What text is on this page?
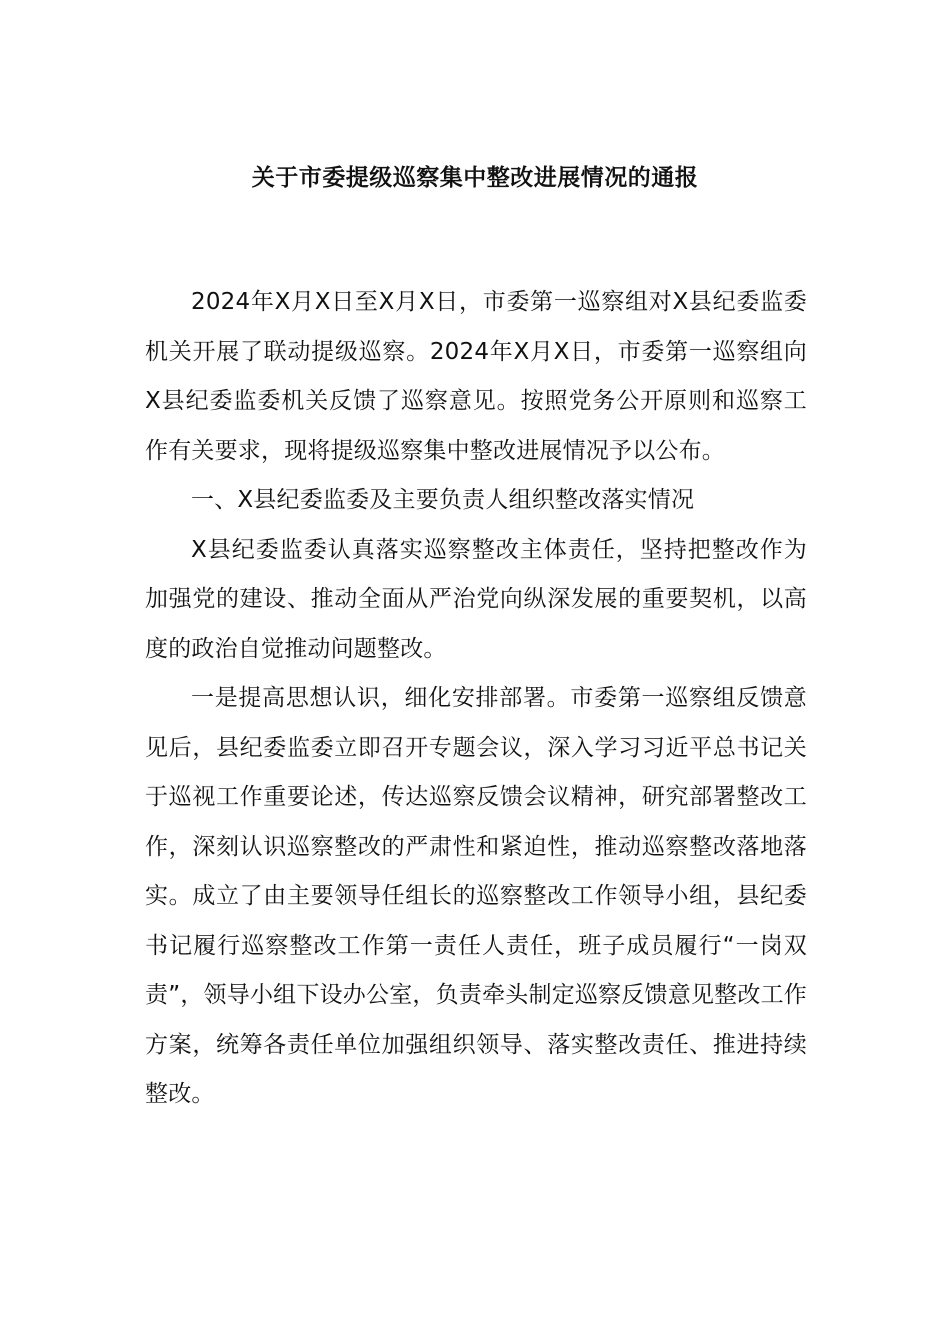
关于市委提级巡察集中整改进展情况的通报

2024年X月X日至X月X日，市委第一巡察组对X县纪委监委机关开展了联动提级巡察。2024年X月X日，市委第一巡察组向X县纪委监委机关反馈了巡察意见。按照党务公开原则和巡察工作有关要求，现将提级巡察集中整改进展情况予以公布。

一、X县纪委监委及主要负责人组织整改落实情况

X县纪委监委认真落实巡察整改主体责任，坚持把整改作为加强党的建设、推动全面从严治党向纵深发展的重要契机，以高度的政治自觉推动问题整改。

一是提高思想认识，细化安排部署。市委第一巡察组反馈意见后，县纪委监委立即召开专题会议，深入学习习近平总书记关于巡视工作重要论述，传达巡察反馈会议精神，研究部署整改工作，深刻认识巡察整改的严肃性和紧迫性，推动巡察整改落地落实。成立了由主要领导任组长的巡察整改工作领导小组，县纪委书记履行巡察整改工作第一责任人责任，班子成员履行“一岗双责”，领导小组下设办公室，负责牵头制定巡察反馈意见整改工作方案，统筹各责任单位加强组织领导、落实整改责任、推进持续整改。
